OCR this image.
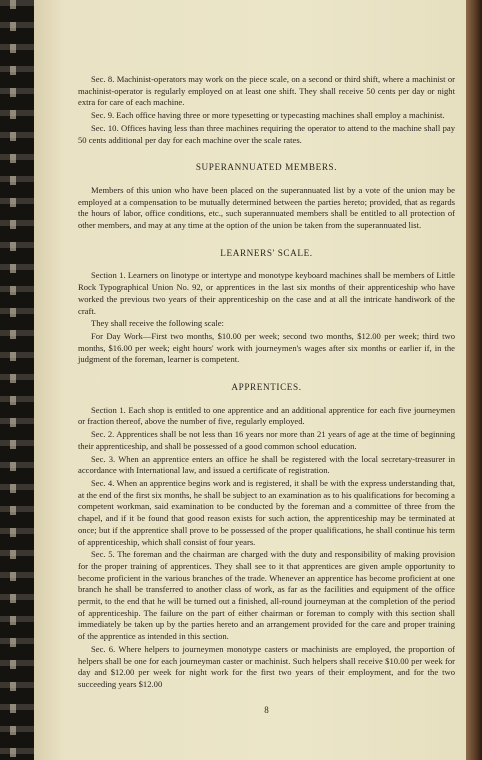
Sec. 8. Machinist-operators may work on the piece scale, on a second or third shift, where a machinist or machinist-operator is regularly employed on at least one shift. They shall receive 50 cents per day or night extra for care of each machine.

Sec. 9. Each office having three or more typesetting or typecasting machines shall employ a machinist.

Sec. 10. Offices having less than three machines requiring the operator to attend to the machine shall pay 50 cents additional per day for each machine over the scale rates.

SUPERANNUATED MEMBERS.

Members of this union who have been placed on the superannuated list by a vote of the union may be employed at a compensation to be mutually determined between the parties hereto; provided, that as regards the hours of labor, office conditions, etc., such superannuated members shall be entitled to all protection of other members, and may at any time at the option of the union be taken from the superannuated list.

LEARNERS' SCALE.

Section 1. Learners on linotype or intertype and monotype keyboard machines shall be members of Little Rock Typographical Union No. 92, or apprentices in the last six months of their apprenticeship who have worked the previous two years of their apprenticeship on the case and at all the intricate handiwork of the craft.

They shall receive the following scale:

For Day Work—First two months, $10.00 per week; second two months, $12.00 per week; third two months, $16.00 per week; eight hours' work with journeymen's wages after six months or earlier if, in the judgment of the foreman, learner is competent.

APPRENTICES.

Section 1. Each shop is entitled to one apprentice and an additional apprentice for each five journeymen or fraction thereof, above the number of five, regularly employed.

Sec. 2. Apprentices shall be not less than 16 years nor more than 21 years of age at the time of beginning their apprenticeship, and shall be possessed of a good common school education.

Sec. 3. When an apprentice enters an office he shall be registered with the local secretary-treasurer in accordance with International law, and issued a certificate of registration.

Sec. 4. When an apprentice begins work and is registered, it shall be with the express understanding that, at the end of the first six months, he shall be subject to an examination as to his qualifications for becoming a competent workman, said examination to be conducted by the foreman and a committee of three from the chapel, and if it be found that good reason exists for such action, the apprenticeship may be terminated at once; but if the apprentice shall prove to be possessed of the proper qualifications, he shall continue his term of apprenticeship, which shall consist of four years.

Sec. 5. The foreman and the chairman are charged with the duty and responsibility of making provision for the proper training of apprentices. They shall see to it that apprentices are given ample opportunity to become proficient in the various branches of the trade. Whenever an apprentice has become proficient at one branch he shall be transferred to another class of work, as far as the facilities and equipment of the office permit, to the end that he will be turned out a finished, all-round journeyman at the completion of the period of apprenticeship. The failure on the part of either chairman or foreman to comply with this section shall immediately be taken up by the parties hereto and an arrangement provided for the care and proper training of the apprentice as intended in this section.

Sec. 6. Where helpers to journeymen monotype casters or machinists are employed, the proportion of helpers shall be one for each journeyman caster or machinist. Such helpers shall receive $10.00 per week for day and $12.00 per week for night work for the first two years of their employment, and for the two succeeding years $12.00

8
